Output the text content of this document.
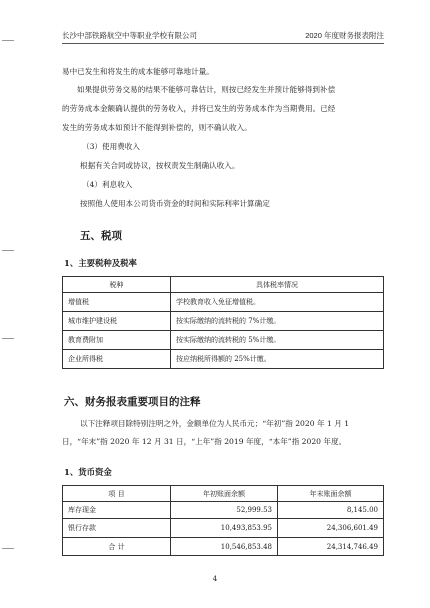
长沙中部铁路航空中等职业学校有限公司	2020 年度财务报表附注
易中已发生和将发生的成本能够可靠地计量。
如果提供劳务交易的结果不能够可靠估计，则按已经发生并预计能够得到补偿
的劳务成本金额确认提供的劳务收入，并将已发生的劳务成本作为当期费用。已经
发生的劳务成本如预计不能得到补偿的，则不确认收入。
（3）使用费收入
根据有关合同或协议，按权责发生制确认收入。
（4）利息收入
按照他人使用本公司货币资金的时间和实际利率计算确定
五、税项
1、主要税种及税率
税种	具体税率情况
增值税	学校教育收入免征增值税。
城市维护建设税	按实际缴纳的流转税的 7%计缴。
教育费附加	按实际缴纳的流转税的 5%计缴。
企业所得税	按应纳税所得额的 25%计缴。
六、财务报表重要项目的注释
以下注释项目除特别注明之外，金额单位为人民币元；“年初”指 2020 年 1 月 1
日，“年末”指 2020 年 12 月 31 日，“上年”指 2019 年度，“本年”指 2020 年度。
1、货币资金
项 目	年初账面余额	年末账面余额
库存现金	52,999.53	8,145.00
银行存款	10,493,853.95	24,306,601.49
合 计	10,546,853.48	24,314,746.49
4
